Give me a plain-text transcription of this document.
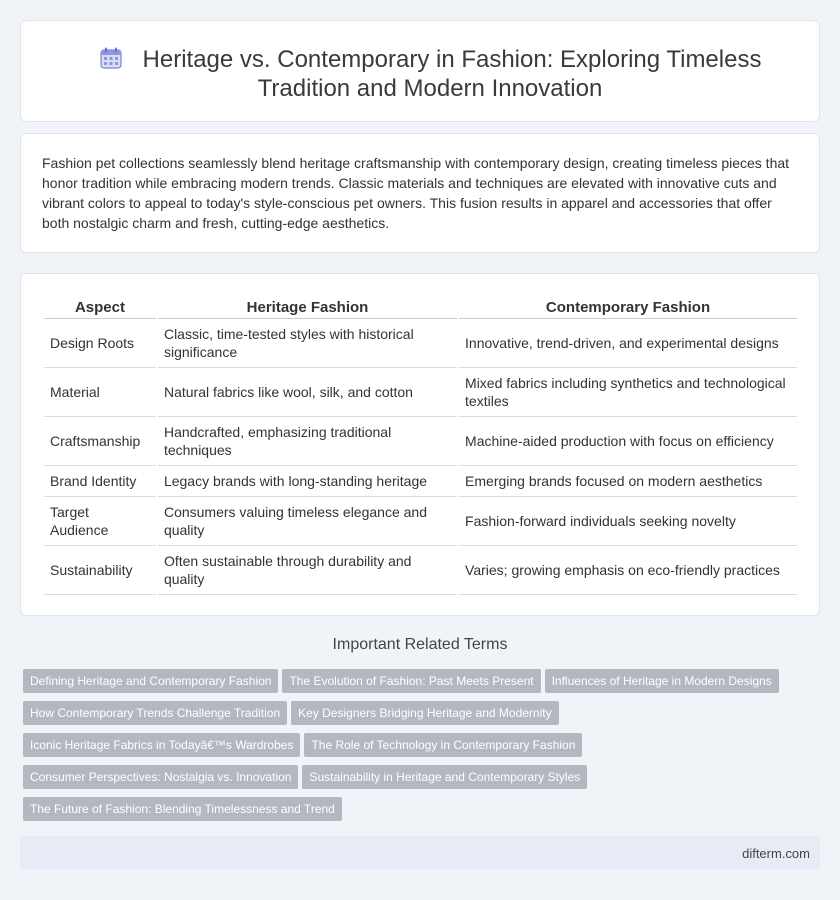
Heritage vs. Contemporary in Fashion: Exploring Timeless Tradition and Modern Innovation

Fashion pet collections seamlessly blend heritage craftsmanship with contemporary design, creating timeless pieces that honor tradition while embracing modern trends. Classic materials and techniques are elevated with innovative cuts and vibrant colors to appeal to today's style-conscious pet owners. This fusion results in apparel and accessories that offer both nostalgic charm and fresh, cutting-edge aesthetics.

Aspect	Heritage Fashion	Contemporary Fashion
Design Roots	Classic, time-tested styles with historical significance	Innovative, trend-driven, and experimental designs
Material	Natural fabrics like wool, silk, and cotton	Mixed fabrics including synthetics and technological textiles
Craftsmanship	Handcrafted, emphasizing traditional techniques	Machine-aided production with focus on efficiency
Brand Identity	Legacy brands with long-standing heritage	Emerging brands focused on modern aesthetics
Target Audience	Consumers valuing timeless elegance and quality	Fashion-forward individuals seeking novelty
Sustainability	Often sustainable through durability and quality	Varies; growing emphasis on eco-friendly practices
Important Related Terms
Defining Heritage and Contemporary Fashion The Evolution of Fashion: Past Meets Present Influences of Heritage in Modern Designs
How Contemporary Trends Challenge Tradition Key Designers Bridging Heritage and Modernity
Iconic Heritage Fabrics in Todayâ€™s Wardrobes The Role of Technology in Contemporary Fashion
Consumer Perspectives: Nostalgia vs. Innovation Sustainability in Heritage and Contemporary Styles
The Future of Fashion: Blending Timelessness and Trend
difterm.com
